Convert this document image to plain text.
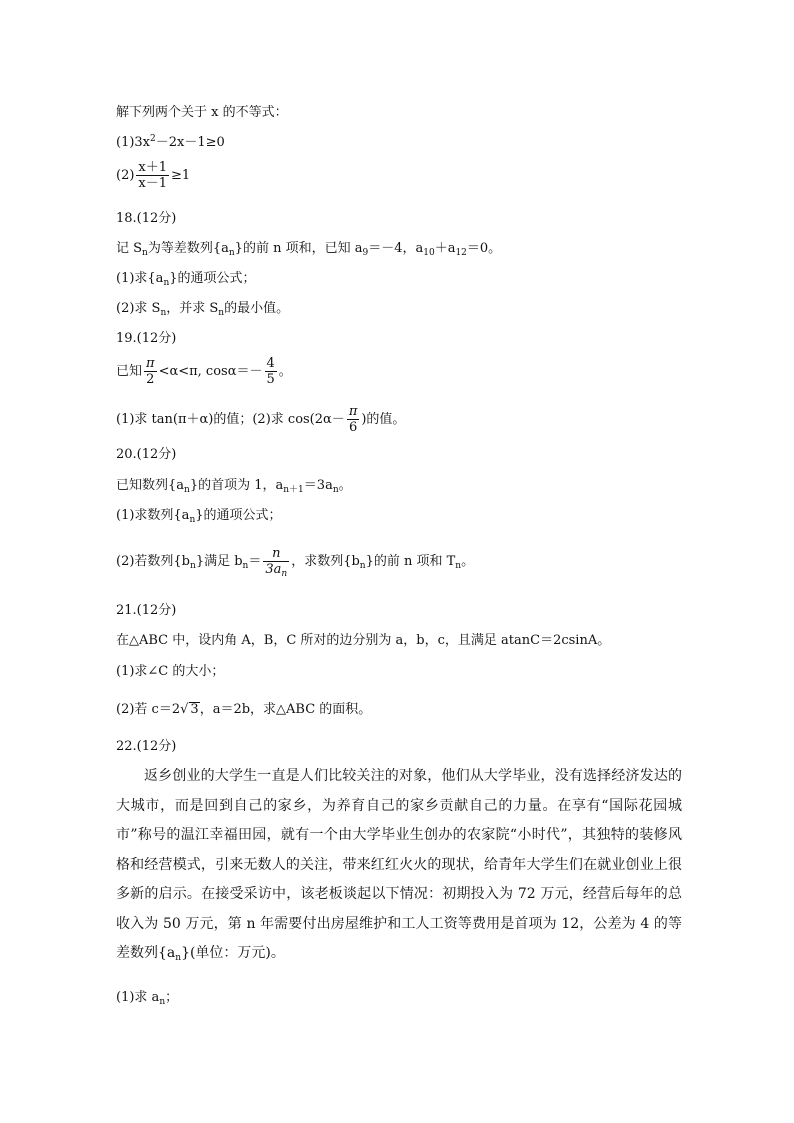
解下列两个关于 x 的不等式：
$(1)3x^2-2x-1\ge 0$
$(2) \frac{x+1}{x-1} \ge 1$
18.(12分)
记 $S_n$为等差数列$\{a_n\}$的前 n 项和，已知 $a_9=-4$，$a_{10}+a_{12}=0$。
(1)求$\{a_n\}$的通项公式；
(2)求 $S_n$，并求 $S_n$的最小值。
19.(12分)
已知 $\frac{\pi}{2} <\alpha<\pi$, $\cos\alpha=- \frac{4}{5}$ 。
(1)求 tan(π＋α)的值；(2)求 $\cos(2\alpha- \frac{\pi}{6}$ )的值。
20.(12分)
已知数列$\{a_n\}$的首项为 1，$a_{n+1}=3a_n$。
(1)求数列$\{a_n\}$的通项公式；
(2)若数列$\{b_n\}$满足 $b_n= \frac{n}{3a_n}$ ，求数列$\{b_n\}$的前 n 项和 $T_n$。
21.(12分)
在△ABC 中，设内角 A，B，C 所对的边分别为 a，b，c，且满足 atanC＝2csinA。
(1)求∠C 的大小；
(2)若 c＝2√ 3，a＝2b，求△ABC 的面积。
22.(12分)
返乡创业的大学生一直是人们比较关注的对象，他们从大学毕业，没有选择经济发达的大城市，而是回到自己的家乡，为养育自己的家乡贡献自己的力量。在享有“国际花园城市”称号的温江幸福田园，就有一个由大学毕业生创办的农家院“小时代”，其独特的装修风格和经营模式，引来无数人的关注，带来红红火火的现状，给青年大学生们在就业创业上很多新的启示。在接受采访中，该老板谈起以下情况：初期投入为 72 万元，经营后每年的总收入为 50 万元，第 n 年需要付出房屋维护和工人工资等费用是首项为 12，公差为 4 的等差数列$\{a_n\}$(单位：万元)。
(1)求 $a_n$；
